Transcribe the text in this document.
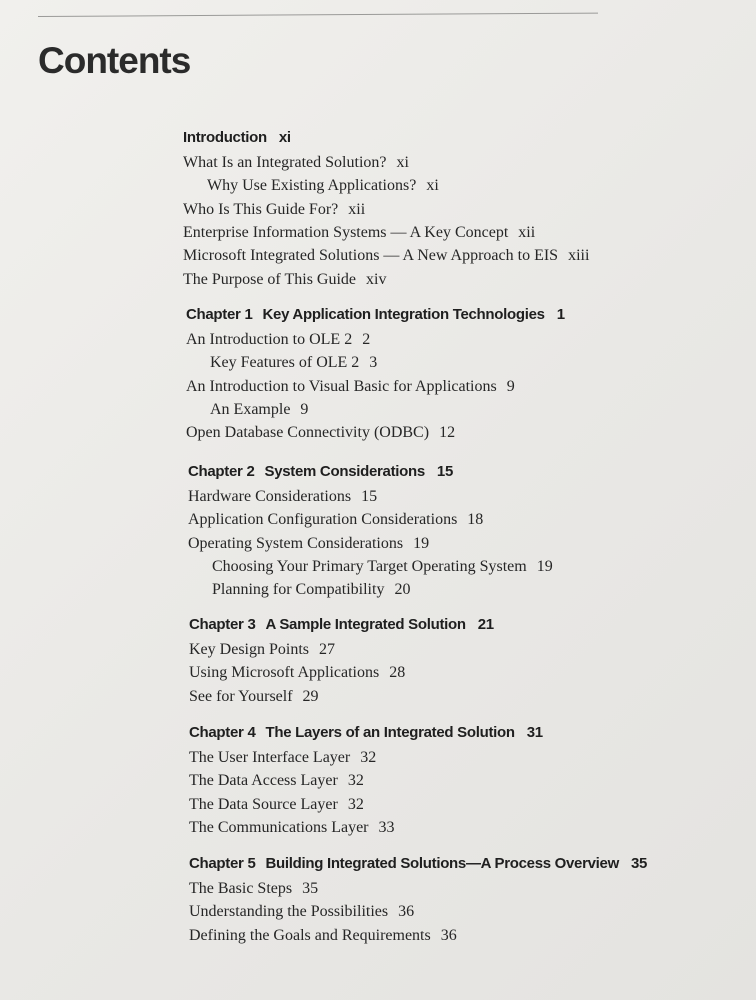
Contents
Introduction xi
What Is an Integrated Solution? xi
Why Use Existing Applications? xi
Who Is This Guide For? xii
Enterprise Information Systems — A Key Concept xii
Microsoft Integrated Solutions — A New Approach to EIS xiii
The Purpose of This Guide xiv
Chapter 1 Key Application Integration Technologies 1
An Introduction to OLE 2 2
Key Features of OLE 2 3
An Introduction to Visual Basic for Applications 9
An Example 9
Open Database Connectivity (ODBC) 12
Chapter 2 System Considerations 15
Hardware Considerations 15
Application Configuration Considerations 18
Operating System Considerations 19
Choosing Your Primary Target Operating System 19
Planning for Compatibility 20
Chapter 3 A Sample Integrated Solution 21
Key Design Points 27
Using Microsoft Applications 28
See for Yourself 29
Chapter 4 The Layers of an Integrated Solution 31
The User Interface Layer 32
The Data Access Layer 32
The Data Source Layer 32
The Communications Layer 33
Chapter 5 Building Integrated Solutions—A Process Overview 35
The Basic Steps 35
Understanding the Possibilities 36
Defining the Goals and Requirements 36
